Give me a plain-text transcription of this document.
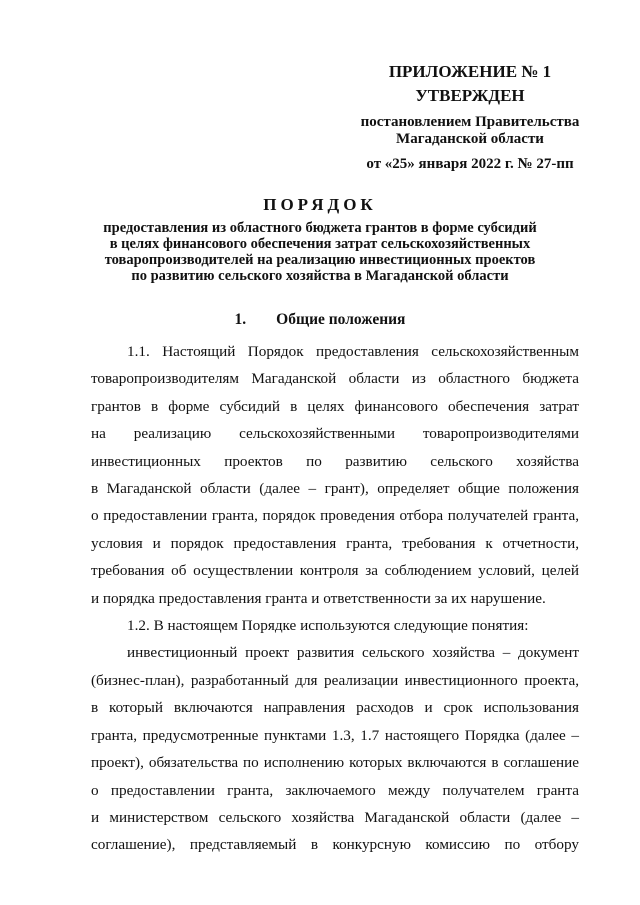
ПРИЛОЖЕНИЕ № 1
УТВЕРЖДЕН
постановлением Правительства
Магаданской области
от «25» января 2022 г. № 27-пп
ПОРЯДОК
предоставления из областного бюджета грантов в форме субсидий
в целях финансового обеспечения затрат сельскохозяйственных
товаропроизводителей на реализацию инвестиционных проектов
по развитию сельского хозяйства в Магаданской области
1. Общие положения
1.1. Настоящий Порядок предоставления сельскохозяйственным
товаропроизводителям Магаданской области из областного бюджета
грантов в форме субсидий в целях финансового обеспечения затрат
на реализацию сельскохозяйственными товаропроизводителями
инвестиционных проектов по развитию сельского хозяйства
в Магаданской области (далее – грант), определяет общие положения
о предоставлении гранта, порядок проведения отбора получателей гранта,
условия и порядок предоставления гранта, требования к отчетности,
требования об осуществлении контроля за соблюдением условий, целей
и порядка предоставления гранта и ответственности за их нарушение.
1.2. В настоящем Порядке используются следующие понятия:
инвестиционный проект развития сельского хозяйства – документ
(бизнес-план), разработанный для реализации инвестиционного проекта,
в который включаются направления расходов и срок использования
гранта, предусмотренные пунктами 1.3, 1.7 настоящего Порядка (далее –
проект), обязательства по исполнению которых включаются в соглашение
о предоставлении гранта, заключаемого между получателем гранта
и министерством сельского хозяйства Магаданской области (далее –
соглашение), представляемый в конкурсную комиссию по отбору
